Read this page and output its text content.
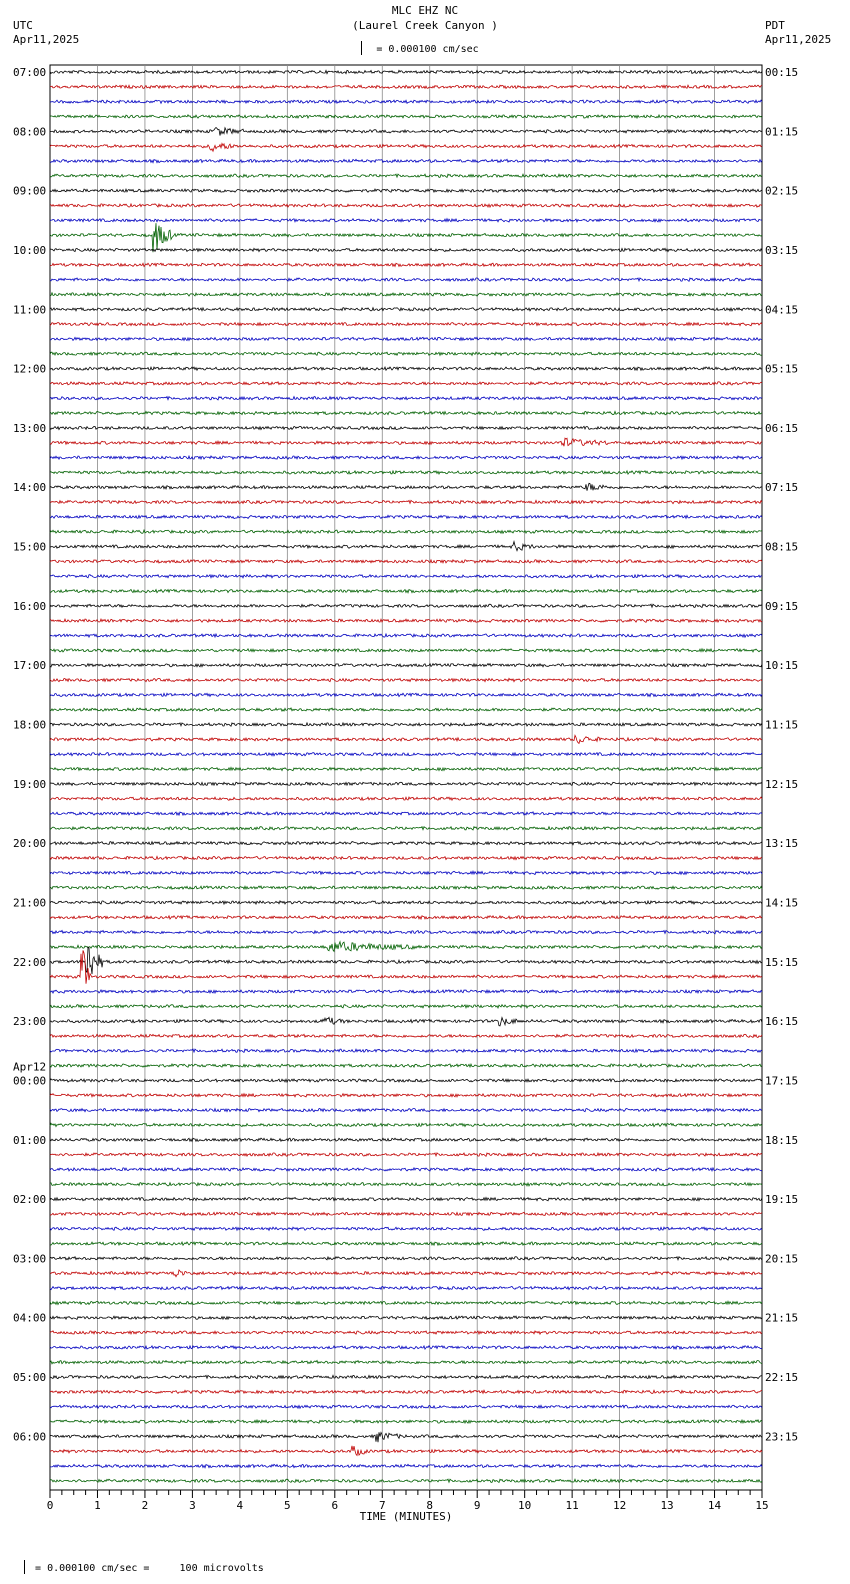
0	1	2	3	4	5	6	7	8	9	10	11	12	13	14	15
TIME (MINUTES)
07:00
08:00
09:00
10:00
11:00
12:00
13:00
14:00
15:00
16:00
17:00
18:00
19:00
20:00
21:00
22:00
23:00
Apr12
00:00
01:00
02:00
03:00
04:00
05:00
06:00
00:15
01:15
02:15
03:15
04:15
05:15
06:15
07:15
08:15
09:15
10:15
11:15
12:15
13:15
14:15
15:15
16:15
17:15
18:15
19:15
20:15
21:15
22:15
23:15
UTC
Apr11,2025
PDT
Apr11,2025
MLC EHZ NC
(Laurel Creek Canyon )
= 0.000100 cm/sec

= 0.000100 cm/sec =     100 microvolts
